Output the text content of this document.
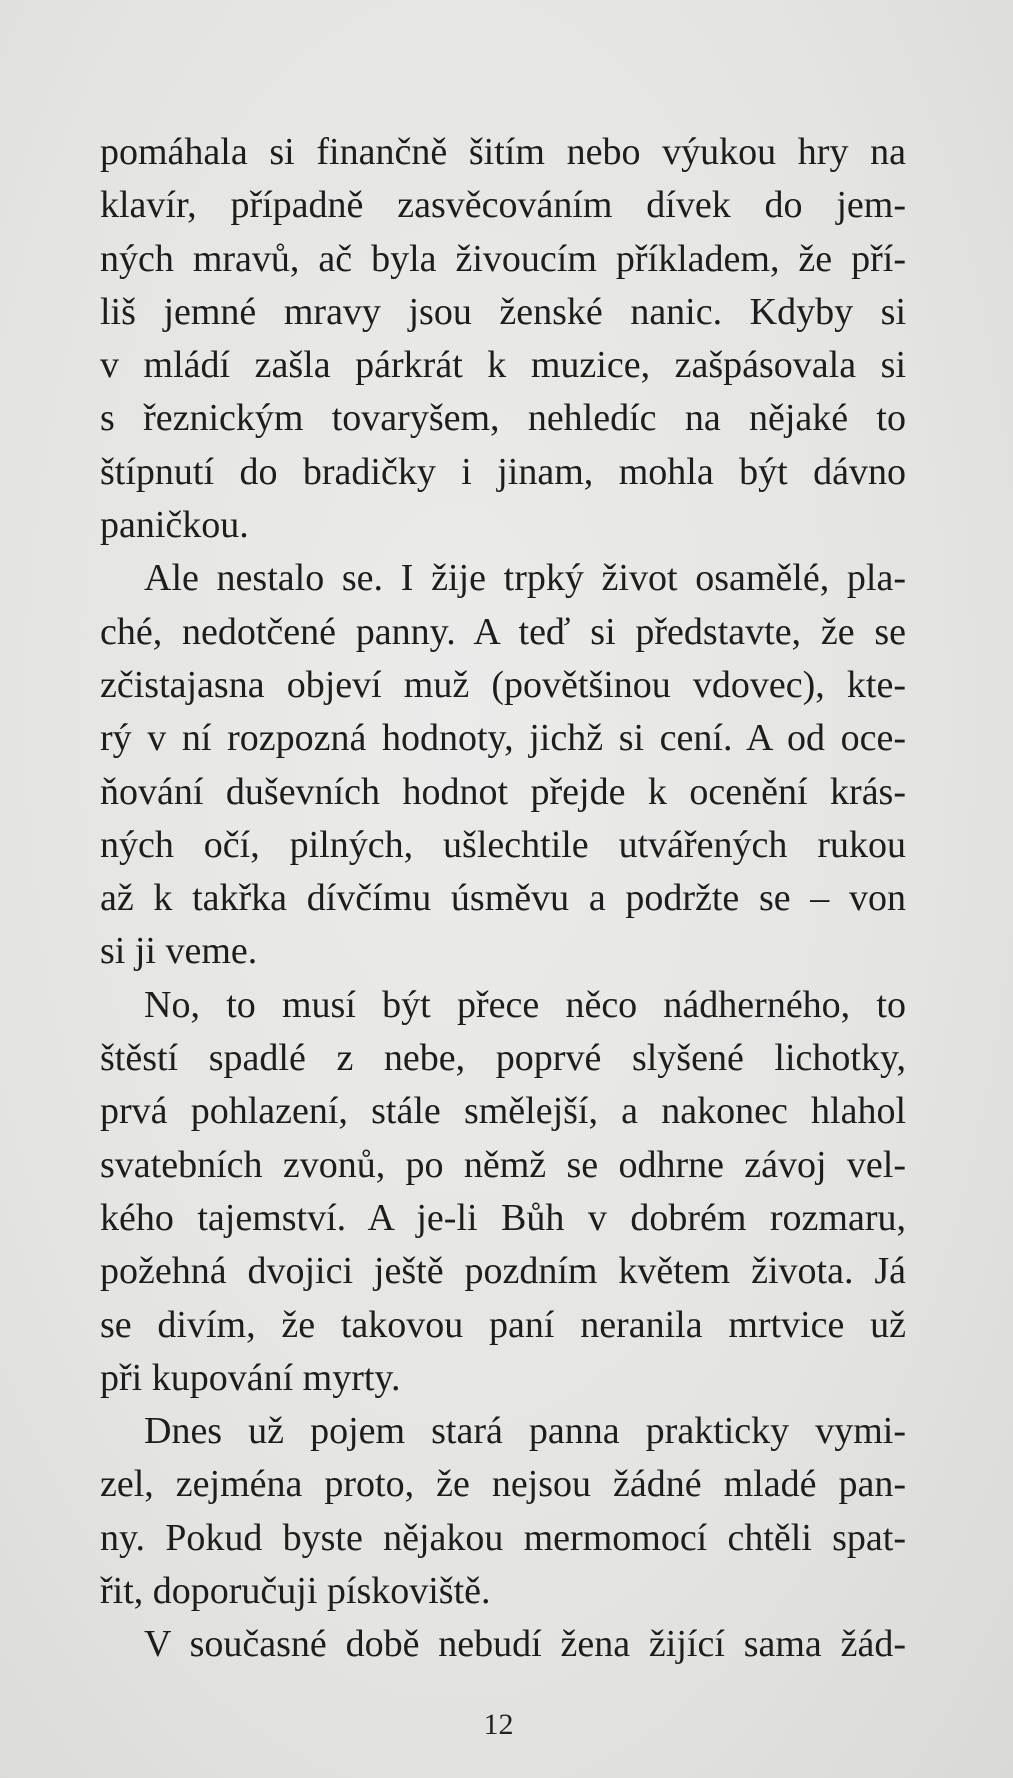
pomáhala si finančně šitím nebo výukou hry na
klavír, případně zasvěcováním dívek do jem-
ných mravů, ač byla živoucím příkladem, že pří-
liš jemné mravy jsou ženské nanic. Kdyby si
v mládí zašla párkrát k muzice, zašpásovala si
s řeznickým tovaryšem, nehledíc na nějaké to
štípnutí do bradičky i jinam, mohla být dávno
paničkou.
Ale nestalo se. I žije trpký život osamělé, pla-
ché, nedotčené panny. A teď si představte, že se
zčistajasna objeví muž (povětšinou vdovec), kte-
rý v ní rozpozná hodnoty, jichž si cení. A od oce-
ňování duševních hodnot přejde k ocenění krás-
ných očí, pilných, ušlechtile utvářených rukou
až k takřka dívčímu úsměvu a podržte se – von
si ji veme.
No, to musí být přece něco nádherného, to
štěstí spadlé z nebe, poprvé slyšené lichotky,
prvá pohlazení, stále smělejší, a nakonec hlahol
svatebních zvonů, po němž se odhrne závoj vel-
kého tajemství. A je-li Bůh v dobrém rozmaru,
požehná dvojici ještě pozdním květem života. Já
se divím, že takovou paní neranila mrtvice už
při kupování myrty.
Dnes už pojem stará panna prakticky vymi-
zel, zejména proto, že nejsou žádné mladé pan-
ny. Pokud byste nějakou mermomocí chtěli spat-
řit, doporučuji pískoviště.
V současné době nebudí žena žijící sama žád-
12
